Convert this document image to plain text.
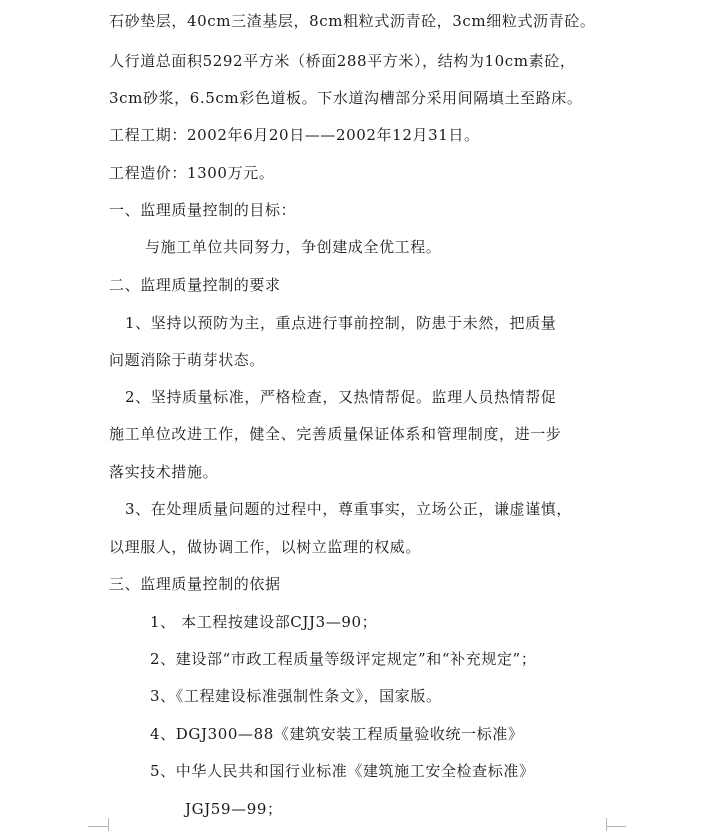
石砂垫层，40cm三渣基层，8cm粗粒式沥青砼，3cm细粒式沥青砼。
人行道总面积5292平方米（桥面288平方米），结构为10cm素砼，
3cm砂浆，6.5cm彩色道板。下水道沟槽部分采用间隔填土至路床。
工程工期：2002年6月20日——2002年12月31日。
工程造价：1300万元。
一、监理质量控制的目标：
与施工单位共同努力，争创建成全优工程。
二、监理质量控制的要求
1、坚持以预防为主，重点进行事前控制，防患于未然，把质量
问题消除于萌芽状态。
2、坚持质量标准，严格检查，又热情帮促。监理人员热情帮促
施工单位改进工作，健全、完善质量保证体系和管理制度，进一步
落实技术措施。
3、在处理质量问题的过程中，尊重事实，立场公正，谦虚谨慎，
以理服人，做协调工作，以树立监理的权威。
三、监理质量控制的依据
1、 本工程按建设部CJJ3—90；
2、建设部“市政工程质量等级评定规定”和“补充规定”；
3、《工程建设标准强制性条文》，国家版。
4、DGJ300—88《建筑安装工程质量验收统一标准》
5、中华人民共和国行业标准《建筑施工安全检查标准》
JGJ59—99；
